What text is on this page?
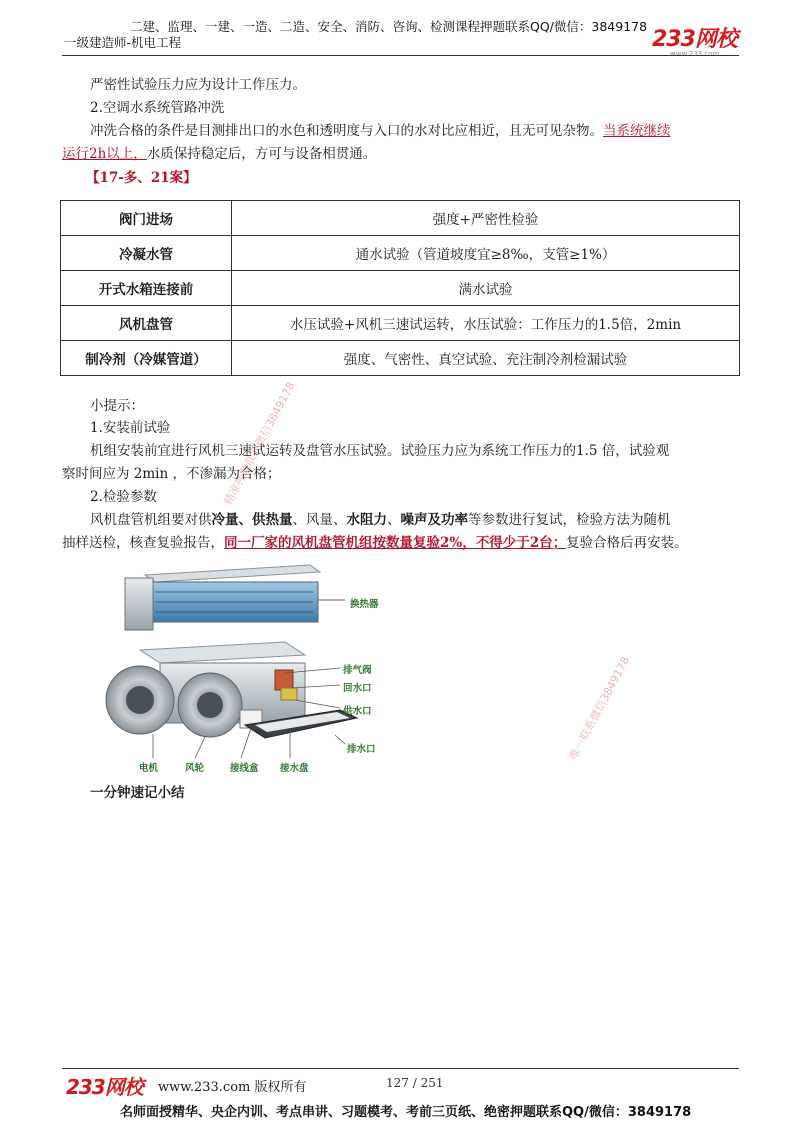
二建、监理、一建、一造、二造、安全、消防、咨询、检测课程押题联系QQ/微信：3849178
一级建造师-机电工程	233网校
www.233.com
严密性试验压力应为设计工作压力。
2.空调水系统管路冲洗
冲洗合格的条件是目测排出口的水色和透明度与入口的水对比应相近，且无可见杂物。当系统继续
运行2h以上，水质保持稳定后，方可与设备相贯通。
【17-多、21案】
阀门进场	强度+严密性检验
冷凝水管	通水试验（管道坡度宜≥8‰，支管≥1%）
开式水箱连接前	满水试验
风机盘管	水压试验+风机三速试运转，水压试验：工作压力的1.5倍，2min
制冷剂（冷媒管道）	强度、气密性、真空试验、充注制冷剂检漏试验
小提示：
1.安装前试验
机组安装前宜进行风机三速试运转及盘管水压试验。试验压力应为系统工作压力的1.5 倍，试验观
察时间应为 2min ，不渗漏为合格；
2.检验参数
风机盘管机组要对供冷量、供热量、风量、水阻力、噪声及功率等参数进行复试，检验方法为随机
抽样送检，核查复验报告，同一厂家的风机盘管机组按数量复验2%，不得少于2台；复验合格后再安装。
精准押题联系微信3849178
唯一联系微信3849178
换热器
排气阀
回水口
供水口
排水口
电机	风轮	接线盒 接水盘
一分钟速记小结
233网校 www.233.com 版权所有	127 / 251
名师面授精华、央企内训、考点串讲、习题模考、考前三页纸、绝密押题联系QQ/微信：3849178
